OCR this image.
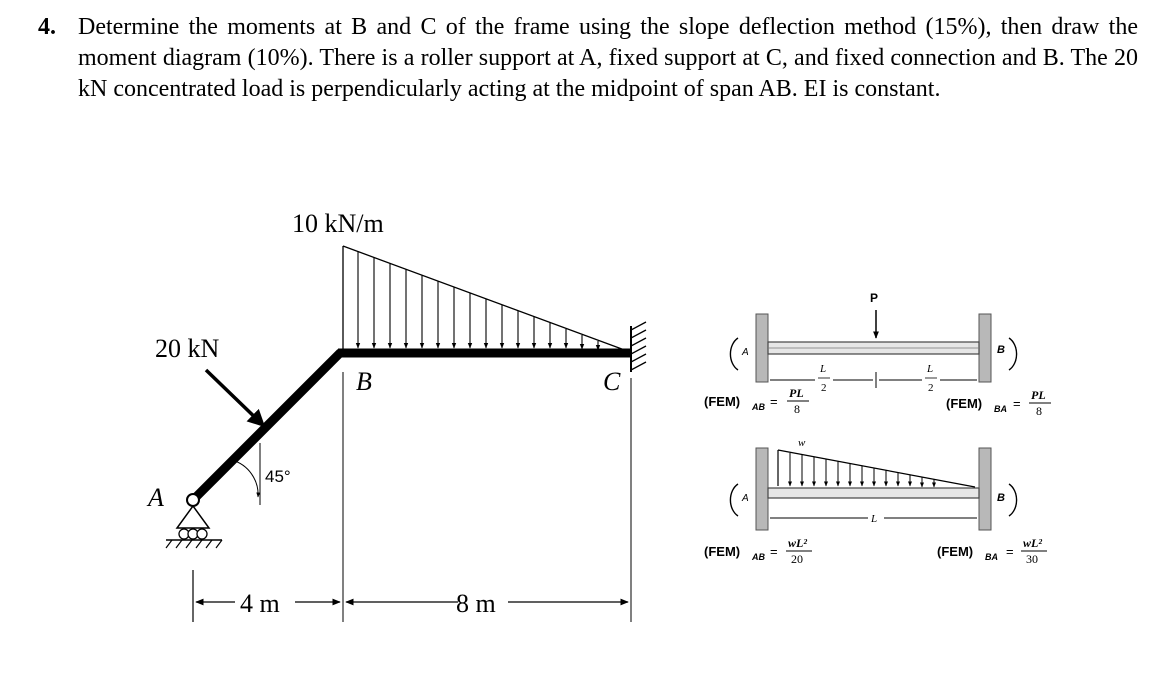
4. Determine the moments at B and C of the frame using the slope deflection method (15%), then draw the moment diagram (10%). There is a roller support at A, fixed support at C, and fixed connection and B. The 20 kN concentrated load is perpendicularly acting at the midpoint of span AB. EI is constant.
10 kN/m
C
B
20 kN
A
45°
4 m	8 m
P
A	B
L
2
L
2
(FEM) AB =
PL
8	(FEM) BA =
PL
8
w
A	B
L
(FEM) AB =
wL²
20	(FEM) BA =
wL²
30
